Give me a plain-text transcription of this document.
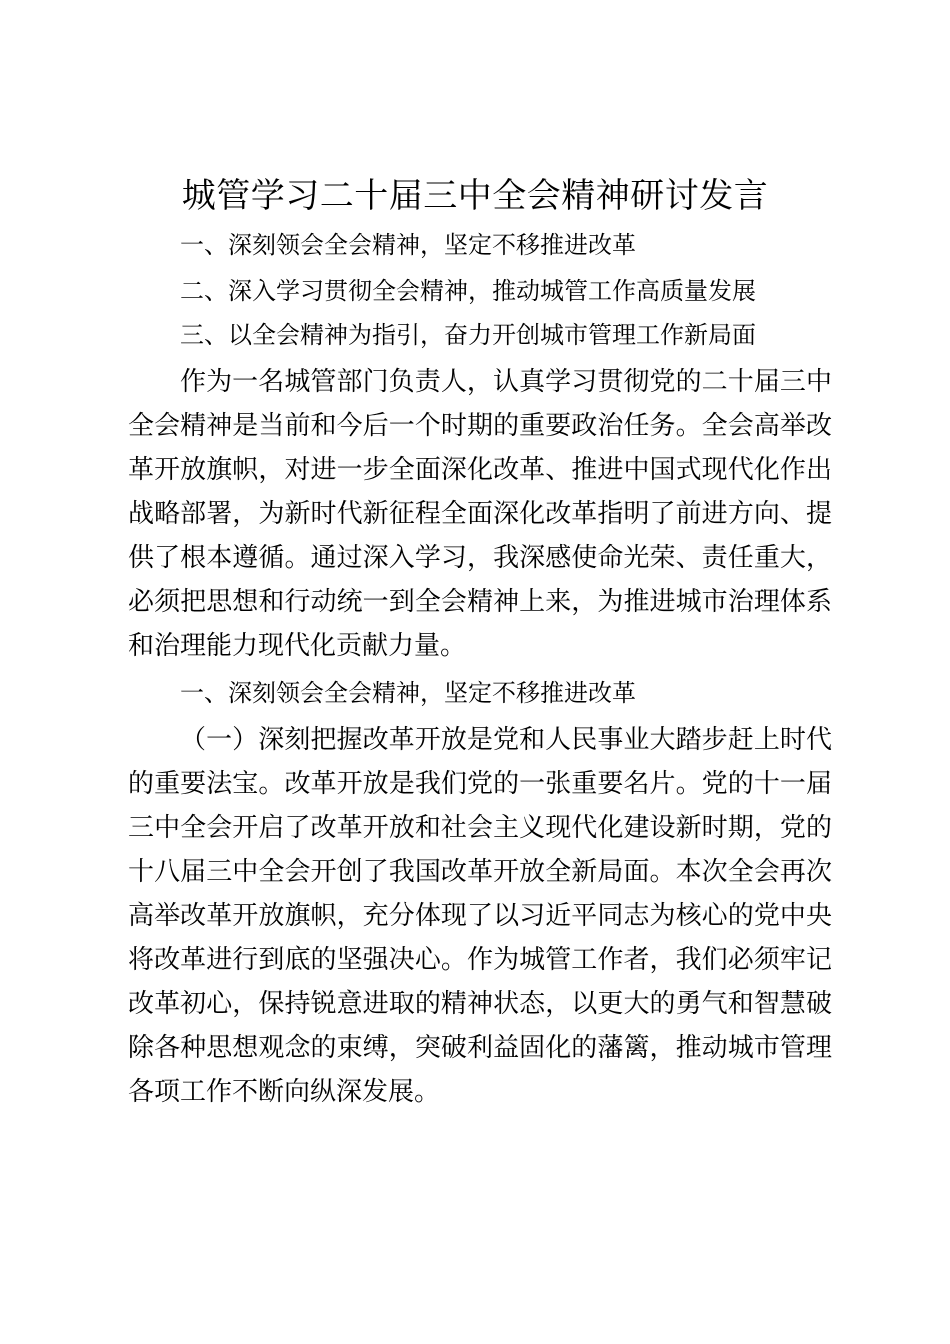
城管学习二十届三中全会精神研讨发言
一、深刻领会全会精神，坚定不移推进改革
二、深入学习贯彻全会精神，推动城管工作高质量发展
三、以全会精神为指引，奋力开创城市管理工作新局面
作为一名城管部门负责人，认真学习贯彻党的二十届三中全会精神是当前和今后一个时期的重要政治任务。全会高举改革开放旗帜，对进一步全面深化改革、推进中国式现代化作出战略部署，为新时代新征程全面深化改革指明了前进方向、提供了根本遵循。通过深入学习，我深感使命光荣、责任重大，必须把思想和行动统一到全会精神上来，为推进城市治理体系和治理能力现代化贡献力量。
一、深刻领会全会精神，坚定不移推进改革
（一）深刻把握改革开放是党和人民事业大踏步赶上时代的重要法宝。改革开放是我们党的一张重要名片。党的十一届三中全会开启了改革开放和社会主义现代化建设新时期，党的十八届三中全会开创了我国改革开放全新局面。本次全会再次高举改革开放旗帜，充分体现了以习近平同志为核心的党中央将改革进行到底的坚强决心。作为城管工作者，我们必须牢记改革初心，保持锐意进取的精神状态，以更大的勇气和智慧破除各种思想观念的束缚，突破利益固化的藩篱，推动城市管理各项工作不断向纵深发展。
